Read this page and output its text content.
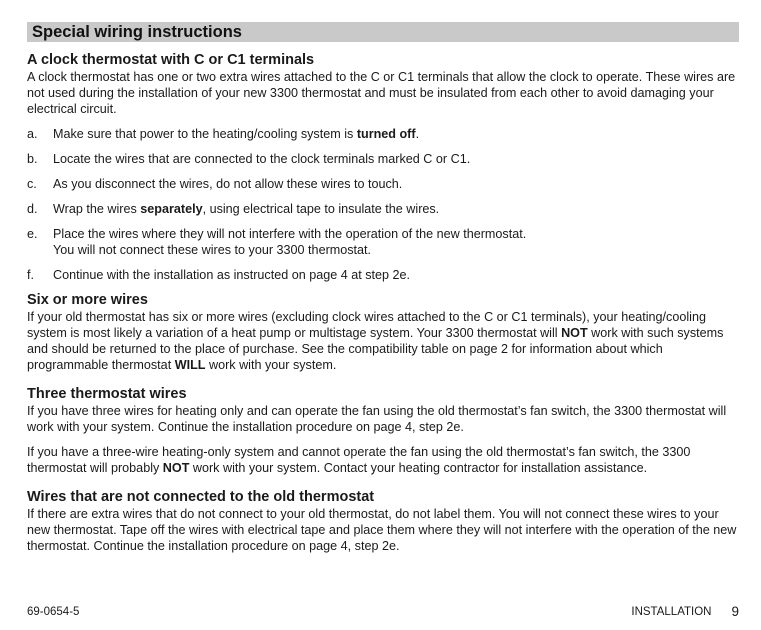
Special wiring instructions
A clock thermostat with C or C1 terminals

A clock thermostat has one or two extra wires attached to the C or C1 terminals that allow the clock to operate. These wires are not used during the installation of your new 3300 thermostat and must be insulated from each other to avoid damaging your electrical circuit.

a.	Make sure that power to the heating/cooling system is turned off.
b.	Locate the wires that are connected to the clock terminals marked C or C1.
c.	As you disconnect the wires, do not allow these wires to touch.
d.	Wrap the wires separately, using electrical tape to insulate the wires.
e.	Place the wires where they will not interfere with the operation of the new thermostat.
You will not connect these wires to your 3300 thermostat.
f.	Continue with the installation as instructed on page 4 at step 2e.
Six or more wires

If your old thermostat has six or more wires (excluding clock wires attached to the C or C1 terminals), your heating/cooling system is most likely a variation of a heat pump or multistage system. Your 3300 thermostat will NOT work with such systems and should be returned to the place of purchase. See the compatibility table on page 2 for information about which programmable thermostat WILL work with your system.

Three thermostat wires

If you have three wires for heating only and can operate the fan using the old thermostat’s fan switch, the 3300 thermostat will work with your system. Continue the installation procedure on page 4, step 2e.

If you have a three-wire heating-only system and cannot operate the fan using the old thermostat’s fan switch, the 3300 thermostat will probably NOT work with your system. Contact your heating contractor for installation assistance.

Wires that are not connected to the old thermostat

If there are extra wires that do not connect to your old thermostat, do not label them. You will not connect these wires to your new thermostat. Tape off the wires with electrical tape and place them where they will not interfere with the operation of the new thermostat. Continue the installation procedure on page 4, step 2e.

69-0654-5	INSTALLATION 9
